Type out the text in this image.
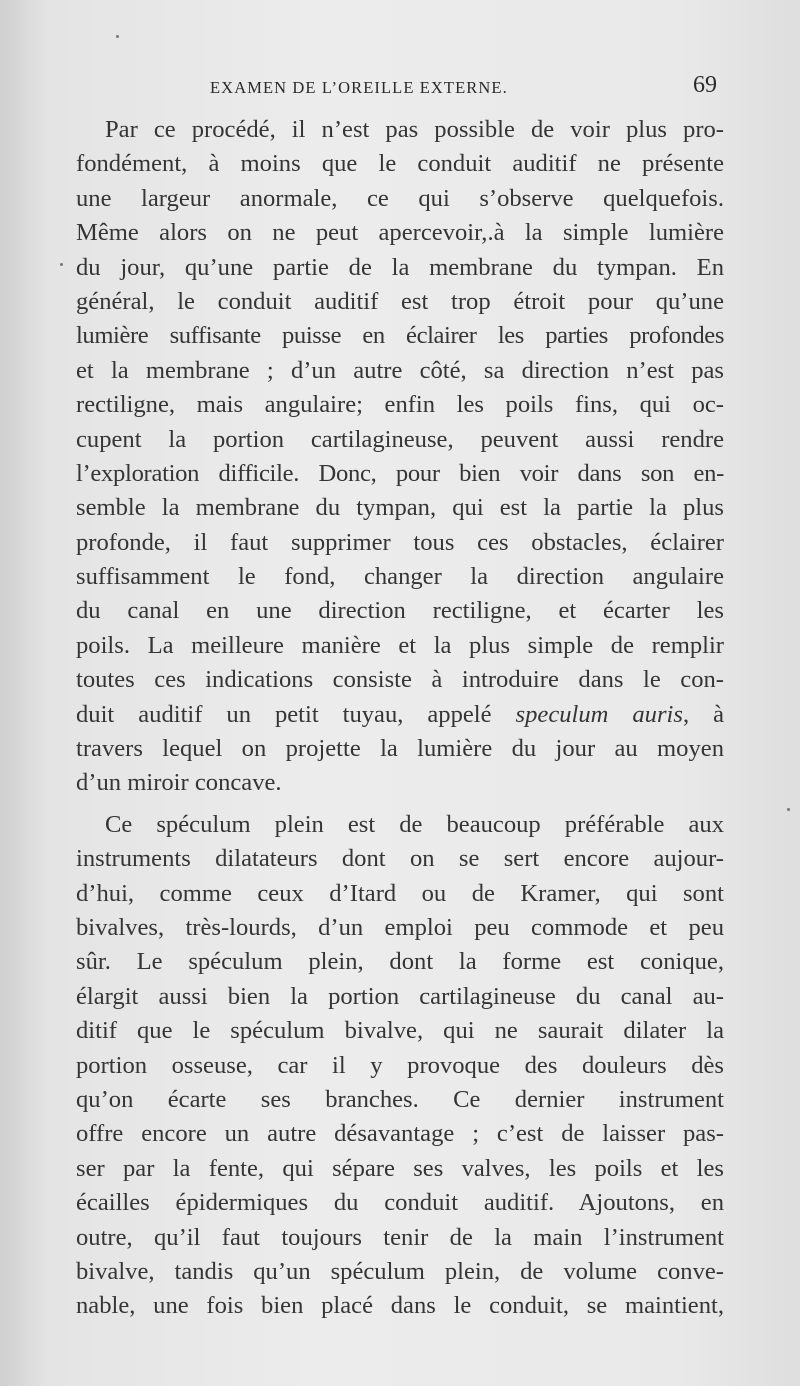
EXAMEN DE L’OREILLE EXTERNE.	69
Par ce procédé, il n’est pas possible de voir plus pro-
fondément, à moins que le conduit auditif ne présente
une largeur anormale, ce qui s’observe quelquefois.
Même alors on ne peut apercevoir,.à la simple lumière
du jour, qu’une partie de la membrane du tympan. En
général, le conduit auditif est trop étroit pour qu’une
lumière suffisante puisse en éclairer les parties profondes
et la membrane ; d’un autre côté, sa direction n’est pas
rectiligne, mais angulaire; enfin les poils fins, qui oc-
cupent la portion cartilagineuse, peuvent aussi rendre
l’exploration difficile. Donc, pour bien voir dans son en-
semble la membrane du tympan, qui est la partie la plus
profonde, il faut supprimer tous ces obstacles, éclairer
suffisamment le fond, changer la direction angulaire
du canal en une direction rectiligne, et écarter les
poils. La meilleure manière et la plus simple de remplir
toutes ces indications consiste à introduire dans le con-
duit auditif un petit tuyau, appelé speculum auris, à
travers lequel on projette la lumière du jour au moyen
d’un miroir concave.
Ce spéculum plein est de beaucoup préférable aux
instruments dilatateurs dont on se sert encore aujour-
d’hui, comme ceux d’Itard ou de Kramer, qui sont
bivalves, très-lourds, d’un emploi peu commode et peu
sûr. Le spéculum plein, dont la forme est conique,
élargit aussi bien la portion cartilagineuse du canal au-
ditif que le spéculum bivalve, qui ne saurait dilater la
portion osseuse, car il y provoque des douleurs dès
qu’on écarte ses branches. Ce dernier instrument
offre encore un autre désavantage ; c’est de laisser pas-
ser par la fente, qui sépare ses valves, les poils et les
écailles épidermiques du conduit auditif. Ajoutons, en
outre, qu’il faut toujours tenir de la main l’instrument
bivalve, tandis qu’un spéculum plein, de volume conve-
nable, une fois bien placé dans le conduit, se maintient,
